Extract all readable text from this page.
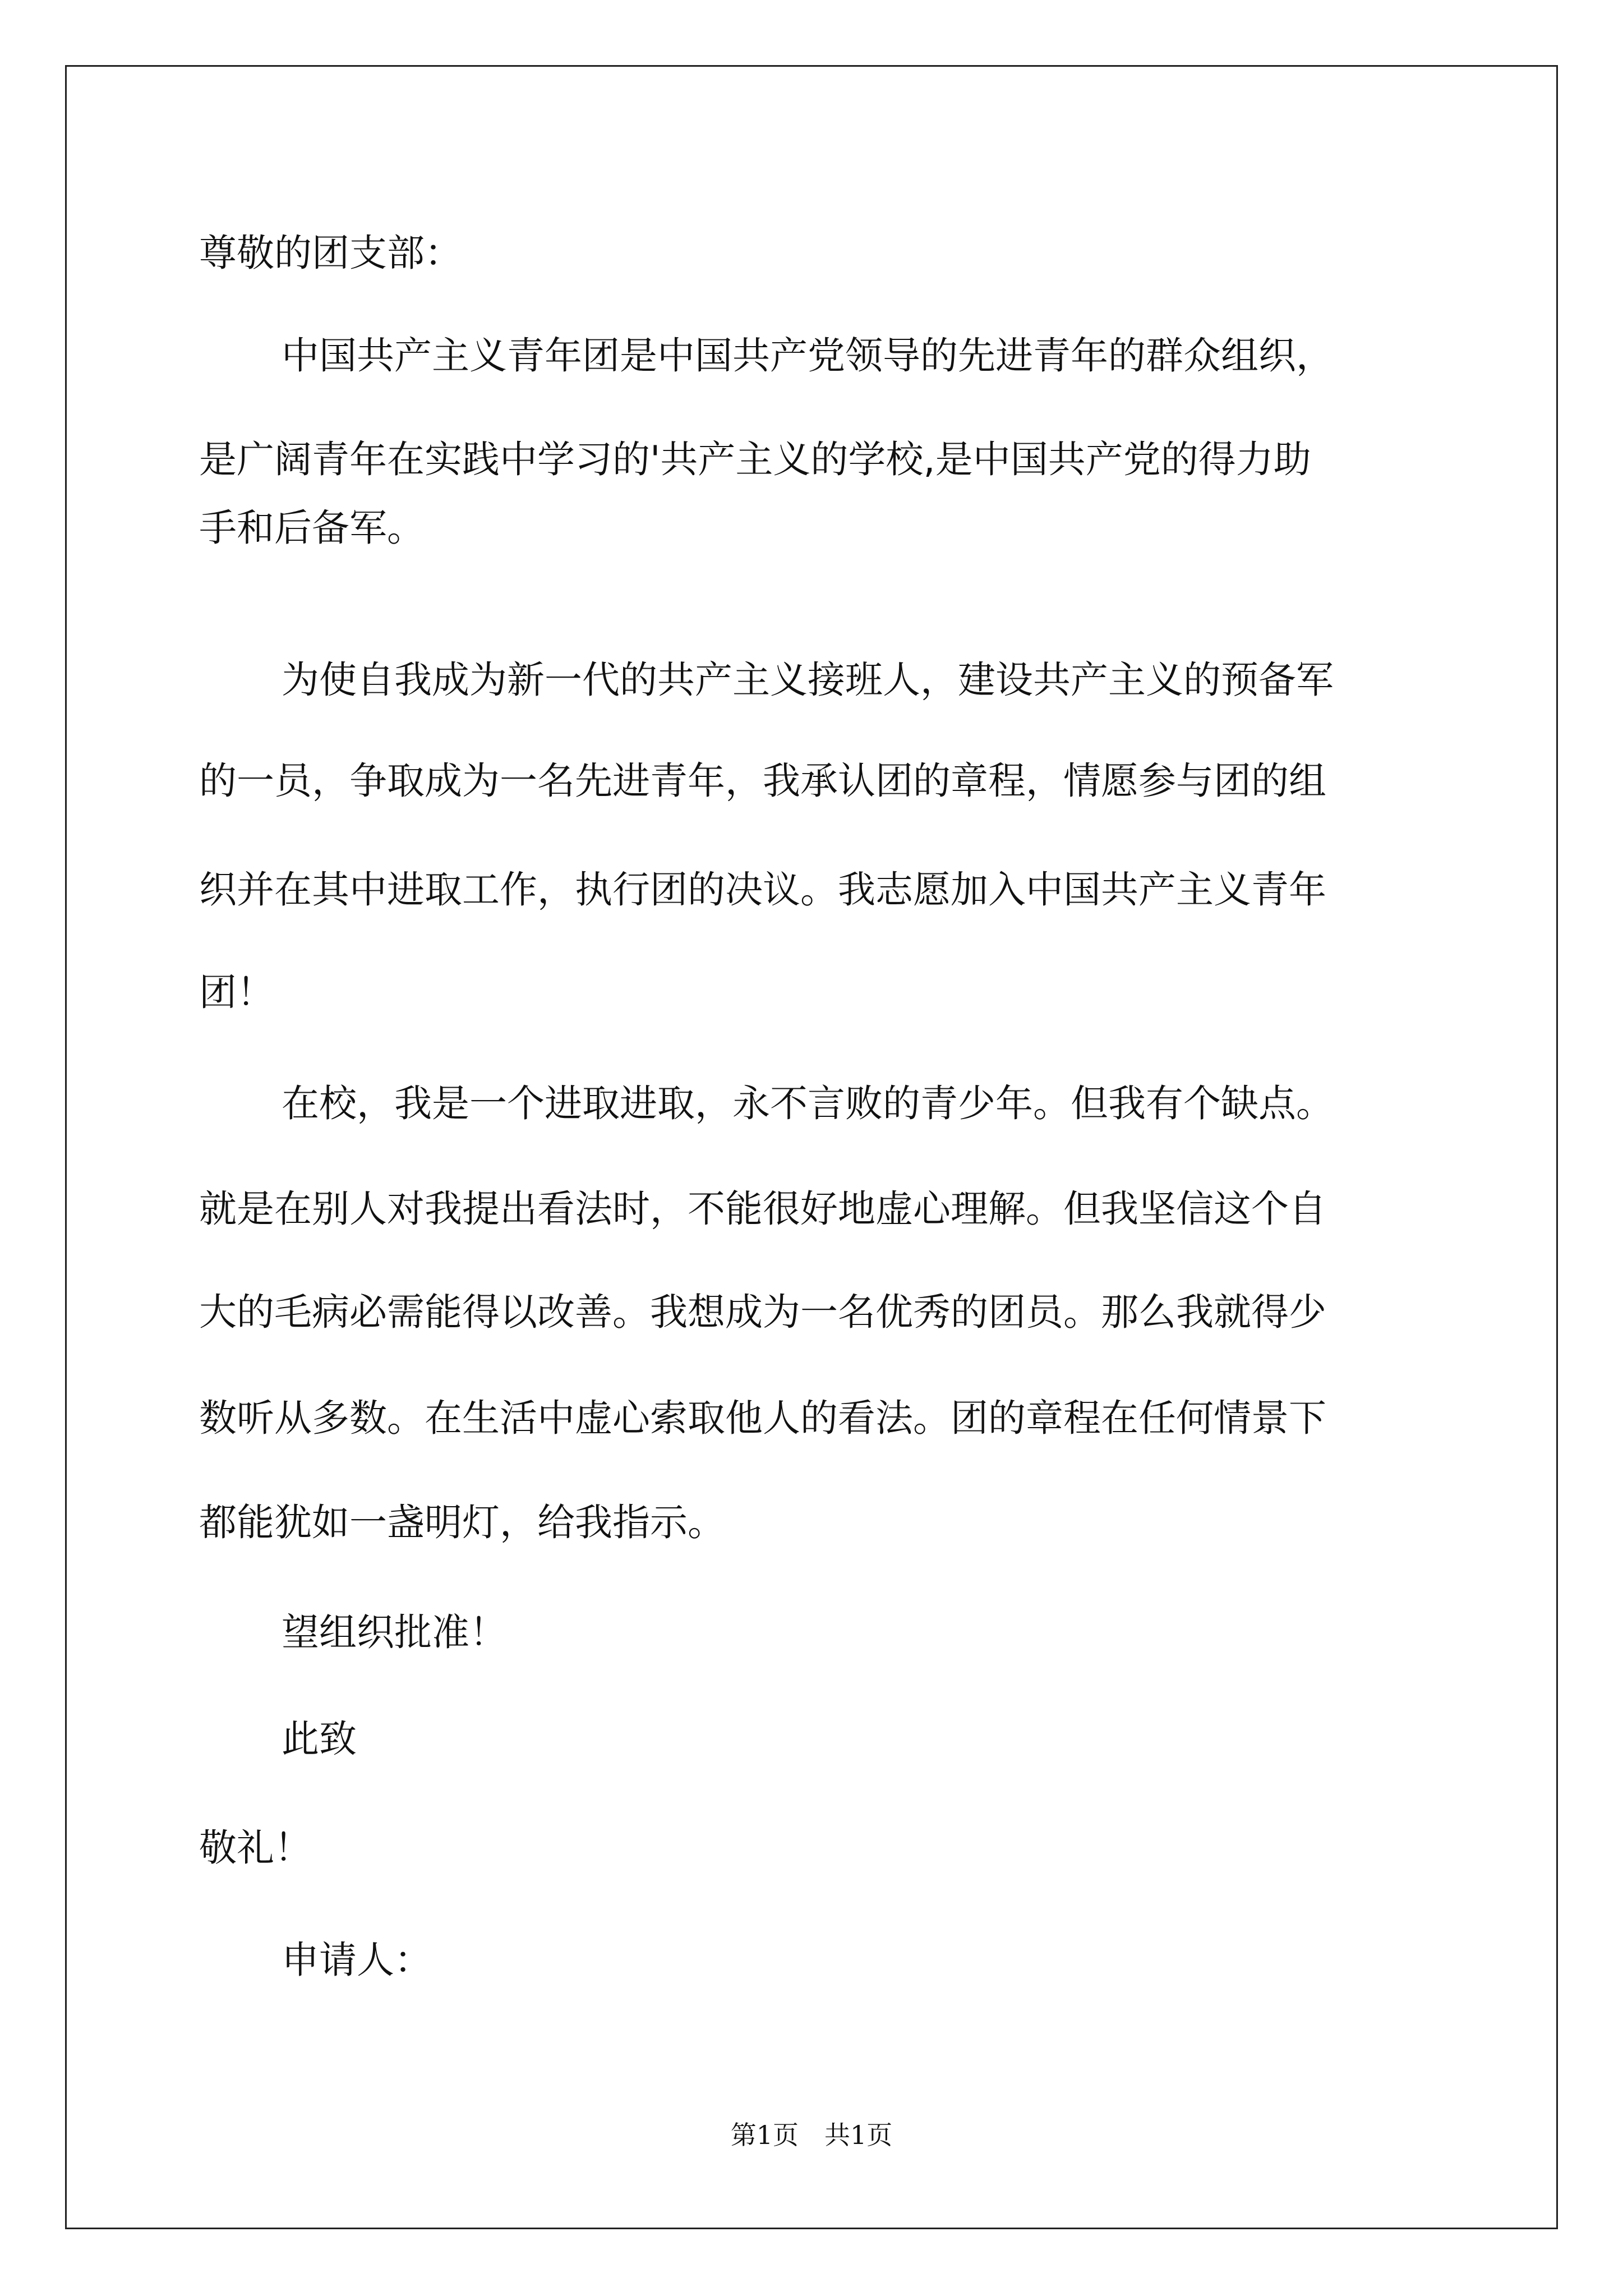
尊敬的团支部：
中国共产主义青年团是中国共产党领导的先进青年的群众组织，
是广阔青年在实践中学习的'共产主义的学校,是中国共产党的得力助
手和后备军。
为使自我成为新一代的共产主义接班人，建设共产主义的预备军
的一员，争取成为一名先进青年，我承认团的章程，情愿参与团的组
织并在其中进取工作，执行团的决议。我志愿加入中国共产主义青年
团！
在校，我是一个进取进取，永不言败的青少年。但我有个缺点。
就是在别人对我提出看法时，不能很好地虚心理解。但我坚信这个自
大的毛病必需能得以改善。我想成为一名优秀的团员。那么我就得少
数听从多数。在生活中虚心索取他人的看法。团的章程在任何情景下
都能犹如一盏明灯，给我指示。
望组织批准！
此致
敬礼！
申请人：
第1页　共1页
